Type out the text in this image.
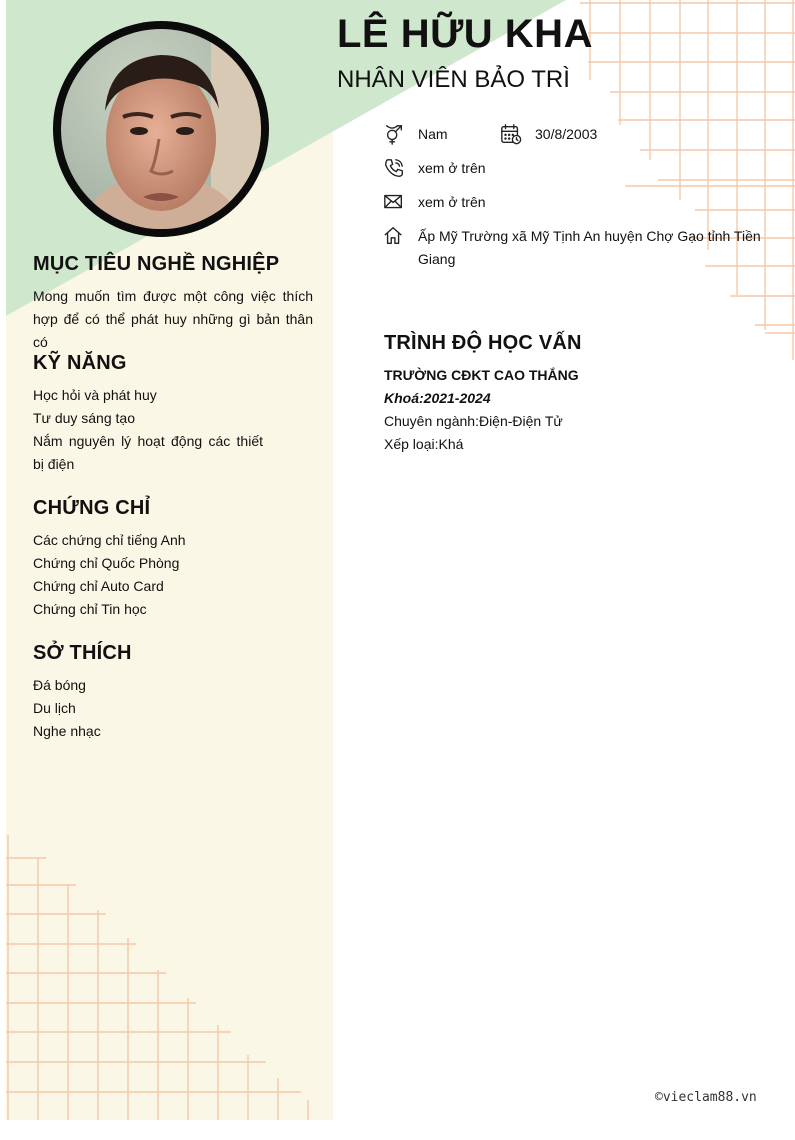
LÊ HỮU KHA
NHÂN VIÊN BẢO TRÌ
Nam	30/8/2003
xem ở trên
xem ở trên
Ấp Mỹ Trường xã Mỹ Tịnh An huyện Chợ Gạo tỉnh Tiền Giang
MỤC TIÊU NGHỀ NGHIỆP
Mong muốn tìm được một công việc thích hợp để có thể phát huy những gì bản thân có
KỸ NĂNG
Học hỏi và phát huy
Tư duy sáng tạo
Nắm nguyên lý hoạt động các thiết bị điện
CHỨNG CHỈ
Các chứng chỉ tiếng Anh
Chứng chỉ Quốc Phòng
Chứng chỉ Auto Card
Chứng chỉ Tin học
SỞ THÍCH
Đá bóng
Du lịch
Nghe nhạc
TRÌNH ĐỘ HỌC VẤN
TRƯỜNG CĐKT CAO THẮNG
Khoá:2021-2024
Chuyên ngành:Điện-Điện Tử
Xếp loại:Khá
©vieclam88.vn
